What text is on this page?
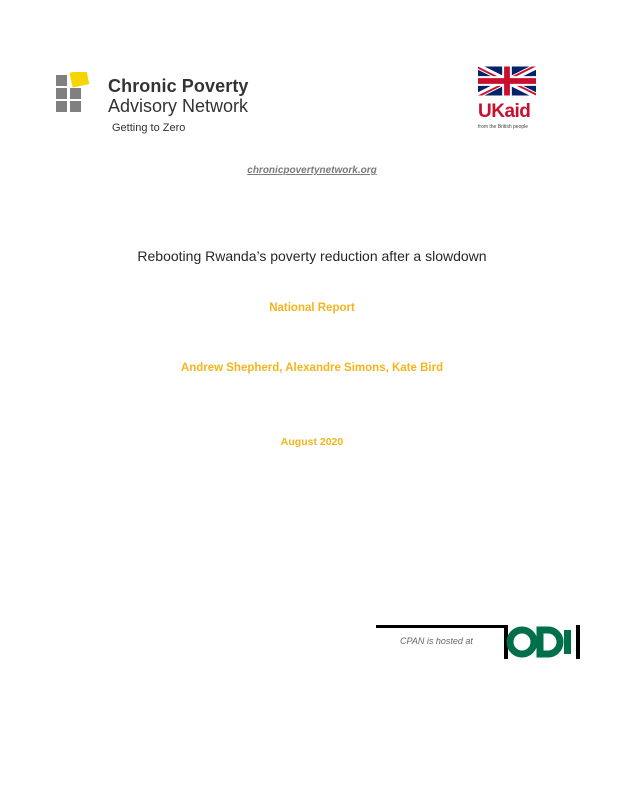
Chronic Poverty
Advisory Network
Getting to Zero
UKaid
from the British people
chronicpovertynetwork.org
Rebooting Rwanda’s poverty reduction after a slowdown
National Report
Andrew Shepherd, Alexandre Simons, Kate Bird
August 2020
CPAN is hosted at
